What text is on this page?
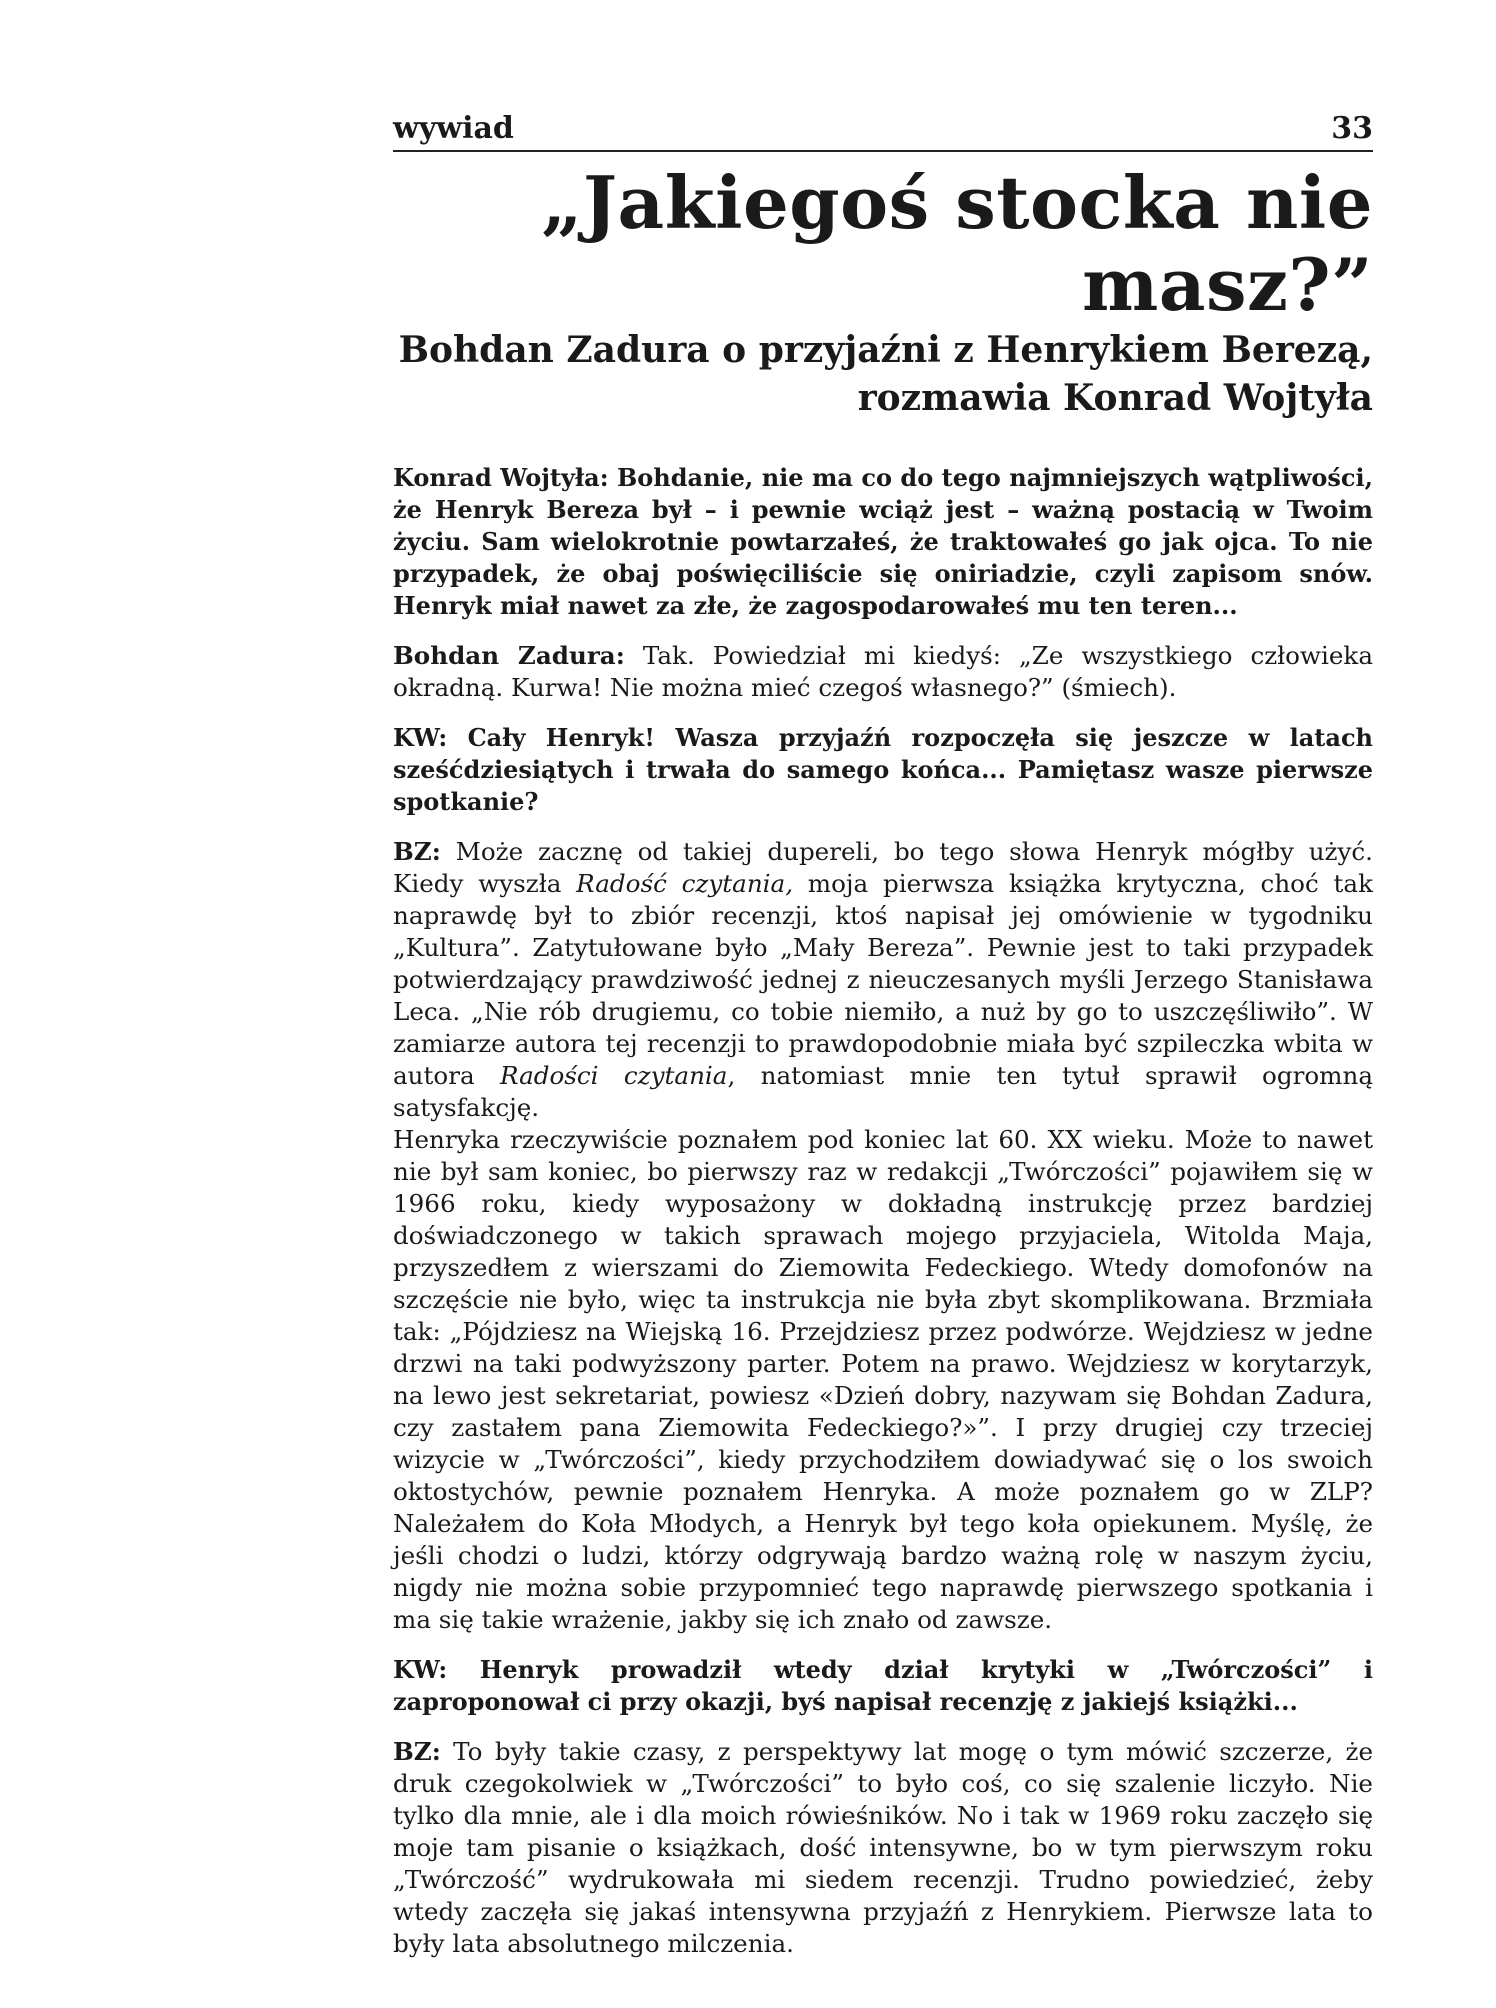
wywiad	33
„Jakiegoś stocka nie masz?”
Bohdan Zadura o przyjaźni z Henrykiem Berezą,
rozmawia Konrad Wojtyła

Konrad Wojtyła: Bohdanie, nie ma co do tego najmniejszych wątpliwości, że Henryk Bereza był – i pewnie wciąż jest – ważną postacią w Twoim życiu. Sam wielokrotnie powtarzałeś, że traktowałeś go jak ojca. To nie przypadek, że obaj poświęciliście się oniriadzie, czyli zapisom snów. Henryk miał nawet za złe, że zagospodarowałeś mu ten teren...

Bohdan Zadura: Tak. Powiedział mi kiedyś: „Ze wszystkiego człowieka okradną. Kurwa! Nie można mieć czegoś własnego?” (śmiech).

KW: Cały Henryk! Wasza przyjaźń rozpoczęła się jeszcze w latach sześćdziesiątych i trwała do samego końca... Pamiętasz wasze pierwsze spotkanie?

BZ: Może zacznę od takiej dupereli, bo tego słowa Henryk mógłby użyć. Kiedy wyszła Radość czytania, moja pierwsza książka krytyczna, choć tak naprawdę był to zbiór recenzji, ktoś napisał jej omówienie w tygodniku „Kultura”. Zatytułowane było „Mały Bereza”. Pewnie jest to taki przypadek potwierdzający prawdziwość jednej z nieuczesanych myśli Jerzego Stanisława Leca. „Nie rób drugiemu, co tobie niemiło, a nuż by go to uszczęśliwiło”. W zamiarze autora tej recenzji to prawdopodobnie miała być szpileczka wbita w autora Radości czytania, natomiast mnie ten tytuł sprawił ogromną satysfakcję.

Henryka rzeczywiście poznałem pod koniec lat 60. XX wieku. Może to nawet nie był sam koniec, bo pierwszy raz w redakcji „Twórczości” pojawiłem się w 1966 roku, kiedy wyposażony w dokładną instrukcję przez bardziej doświadczonego w takich sprawach mojego przyjaciela, Witolda Maja, przyszedłem z wierszami do Ziemowita Fedeckiego. Wtedy domofonów na szczęście nie było, więc ta instrukcja nie była zbyt skomplikowana. Brzmiała tak: „Pójdziesz na Wiejską 16. Przejdziesz przez podwórze. Wejdziesz w jedne drzwi na taki podwyższony parter. Potem na prawo. Wejdziesz w korytarzyk, na lewo jest sekretariat, powiesz «Dzień dobry, nazywam się Bohdan Zadura, czy zastałem pana Ziemowita Fedeckiego?»”. I przy drugiej czy trzeciej wizycie w „Twórczości”, kiedy przychodziłem dowiadywać się o los swoich oktostychów, pewnie poznałem Henryka. A może poznałem go w ZLP? Należałem do Koła Młodych, a Henryk był tego koła opiekunem. Myślę, że jeśli chodzi o ludzi, którzy odgrywają bardzo ważną rolę w naszym życiu, nigdy nie można sobie przypomnieć tego naprawdę pierwszego spotkania i ma się takie wrażenie, jakby się ich znało od zawsze.

KW: Henryk prowadził wtedy dział krytyki w „Twórczości” i zaproponował ci przy okazji, byś napisał recenzję z jakiejś książki...

BZ: To były takie czasy, z perspektywy lat mogę o tym mówić szczerze, że druk czegokolwiek w „Twórczości” to było coś, co się szalenie liczyło. Nie tylko dla mnie, ale i dla moich rówieśników. No i tak w 1969 roku zaczęło się moje tam pisanie o książkach, dość intensywne, bo w tym pierwszym roku „Twórczość” wydrukowała mi siedem recenzji. Trudno powiedzieć, żeby wtedy zaczęła się jakaś intensywna przyjaźń z Henrykiem. Pierwsze lata to były lata absolutnego milczenia.
